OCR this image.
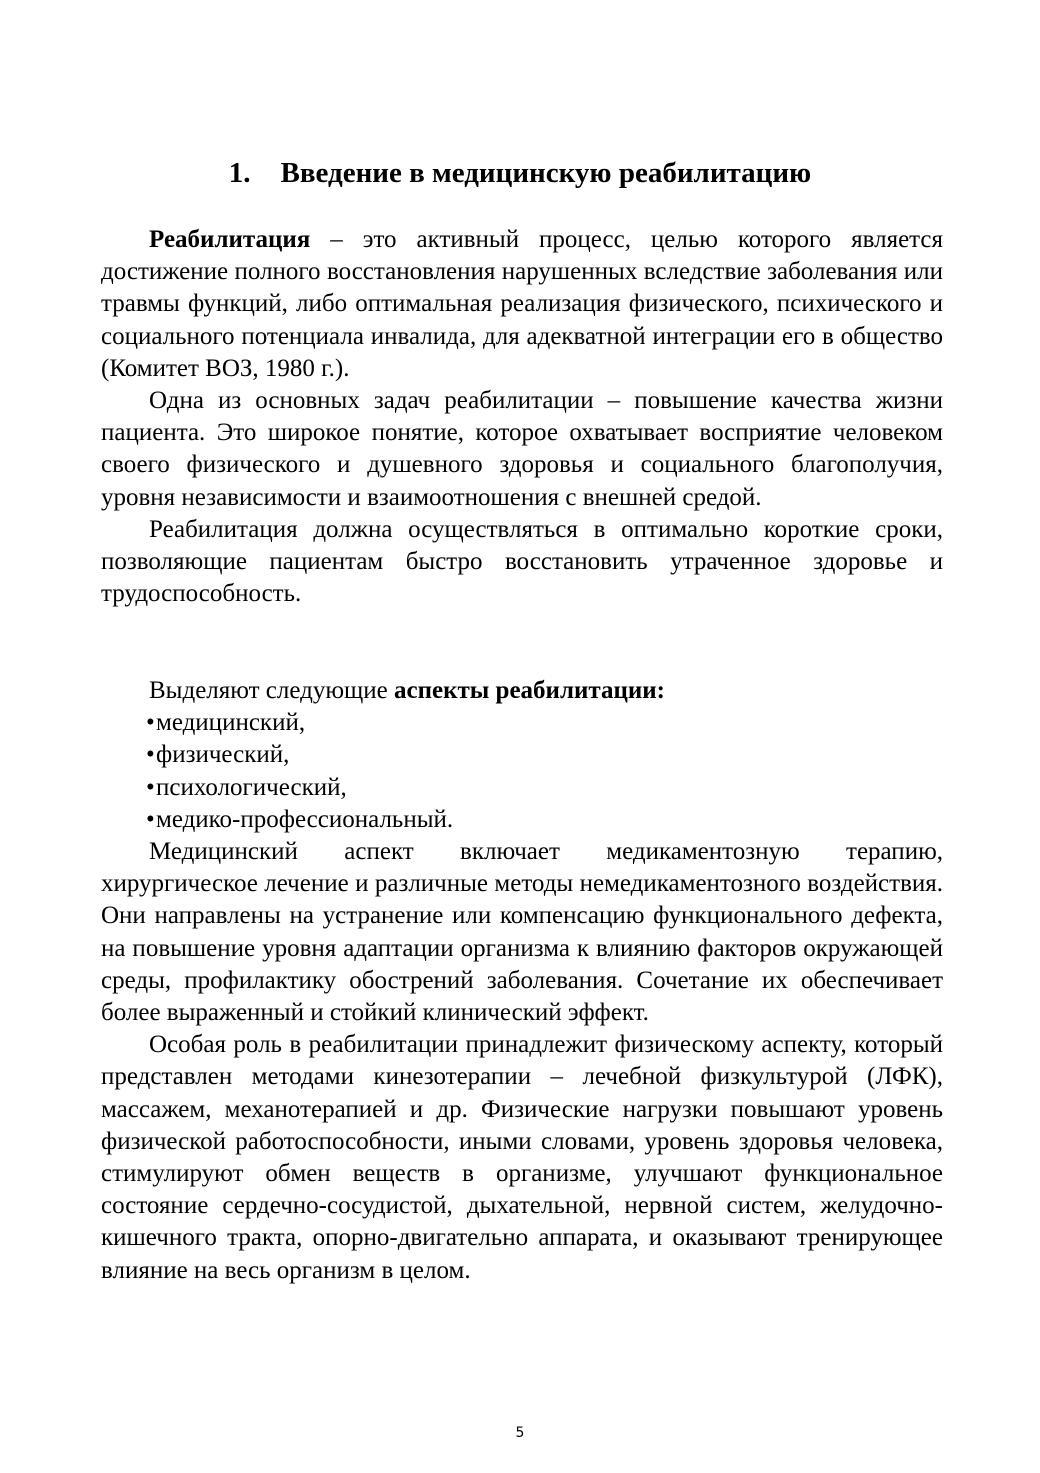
1. Введение в медицинскую реабилитацию

Реабилитация – это активный процесс, целью которого является достижение полного восстановления нарушенных вследствие заболевания или травмы функций, либо оптимальная реализация физического, психического и социального потенциала инвалида, для адекватной интеграции его в общество (Комитет ВОЗ, 1980 г.).

Одна из основных задач реабилитации – повышение качества жизни пациента. Это широкое понятие, которое охватывает восприятие человеком своего физического и душевного здоровья и социального благополучия, уровня независимости и взаимоотношения с внешней средой.

Реабилитация должна осуществляться в оптимально короткие сроки, позволяющие пациентам быстро восстановить утраченное здоровье и трудоспособность.

Выделяют следующие аспекты реабилитации:

•медицинский,
•физический,
•психологический,
•медико-профессиональный.

Медицинский аспект включает медикаментозную терапию, хирургическое лечение и различные методы немедикаментозного воздействия. Они направлены на устранение или компенсацию функционального дефекта, на повышение уровня адаптации организма к влиянию факторов окружающей среды, профилактику обострений заболевания. Сочетание их обеспечивает более выраженный и стойкий клинический эффект.

Особая роль в реабилитации принадлежит физическому аспекту, который представлен методами кинезотерапии – лечебной физкультурой (ЛФК), массажем, механотерапией и др. Физические нагрузки повышают уровень физической работоспособности, иными словами, уровень здоровья человека, стимулируют обмен веществ в организме, улучшают функциональное состояние сердечно-сосудистой, дыхательной, нервной систем, желудочно-кишечного тракта, опорно-двигательно аппарата, и оказывают тренирующее влияние на весь организм в целом.

5
